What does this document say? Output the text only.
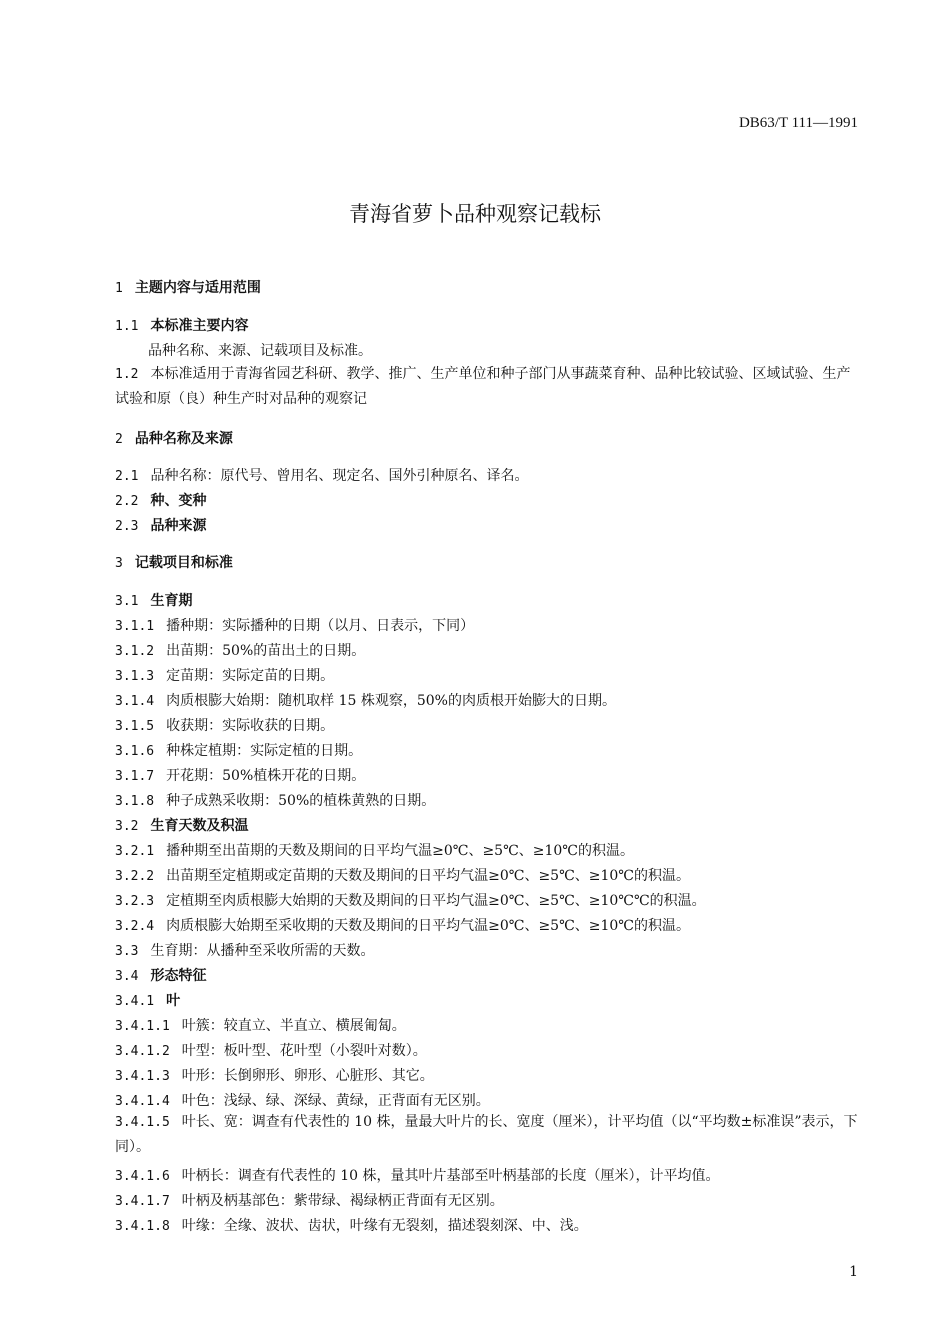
DB63/T 111—1991
青海省萝卜品种观察记载标
1 主题内容与适用范围
1.1 本标准主要内容
品种名称、来源、记载项目及标准。
1.2 本标准适用于青海省园艺科研、教学、推广、生产单位和种子部门从事蔬菜育种、品种比较试验、区域试验、生产试验和原（良）种生产时对品种的观察记
2 品种名称及来源
2.1 品种名称：原代号、曾用名、现定名、国外引种原名、译名。
2.2 种、变种
2.3 品种来源
3 记载项目和标准
3.1 生育期
3.1.1 播种期：实际播种的日期（以月、日表示，下同）
3.1.2 出苗期：50%的苗出土的日期。
3.1.3 定苗期：实际定苗的日期。
3.1.4 肉质根膨大始期：随机取样 15 株观察，50%的肉质根开始膨大的日期。
3.1.5 收获期：实际收获的日期。
3.1.6 种株定植期：实际定植的日期。
3.1.7 开花期：50%植株开花的日期。
3.1.8 种子成熟采收期：50%的植株黄熟的日期。
3.2 生育天数及积温
3.2.1 播种期至出苗期的天数及期间的日平均气温≥0℃、≥5℃、≥10℃的积温。
3.2.2 出苗期至定植期或定苗期的天数及期间的日平均气温≥0℃、≥5℃、≥10℃的积温。
3.2.3 定植期至肉质根膨大始期的天数及期间的日平均气温≥0℃、≥5℃、≥10℃℃的积温。
3.2.4 肉质根膨大始期至采收期的天数及期间的日平均气温≥0℃、≥5℃、≥10℃的积温。
3.3 生育期：从播种至采收所需的天数。
3.4 形态特征
3.4.1 叶
3.4.1.1 叶簇：较直立、半直立、横展匍匐。
3.4.1.2 叶型：板叶型、花叶型（小裂叶对数）。
3.4.1.3 叶形：长倒卵形、卵形、心脏形、其它。
3.4.1.4 叶色：浅绿、绿、深绿、黄绿，正背面有无区别。
3.4.1.5 叶长、宽：调查有代表性的 10 株，量最大叶片的长、宽度（厘米），计平均值（以“平均数±标准误”表示，下同）。
3.4.1.6 叶柄长：调查有代表性的 10 株，量其叶片基部至叶柄基部的长度（厘米），计平均值。
3.4.1.7 叶柄及柄基部色：紫带绿、褐绿柄正背面有无区别。
3.4.1.8 叶缘：全缘、波状、齿状，叶缘有无裂刻，描述裂刻深、中、浅。
1
